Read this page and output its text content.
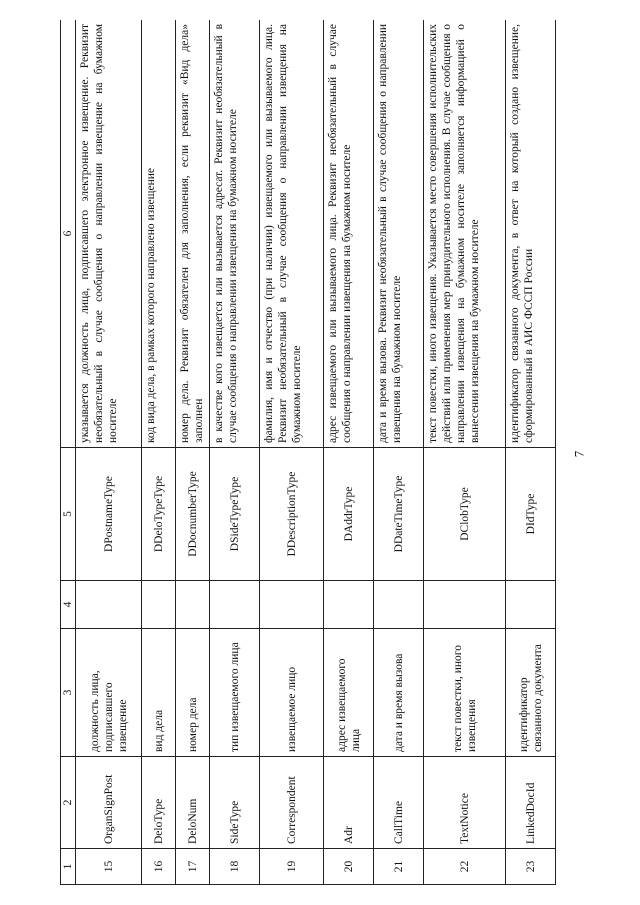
7
1	2	3	4	5	6
15	OrganSignPost	должность лица, подписавшего извещение		DPostnameType	указывается должность лица, подписавшего электронное извещение. Реквизит необязательный в случае сообщения о направлении извещение на бумажном носителе
16	DeloType	вид дела		DDeloTypeType	код вида дела, в рамках которого направлено извещение
17	DeloNum	номер дела		DDocnumberType	номер дела. Реквизит обязателен для заполнения, если реквизит «Вид дела» заполнен
18	SideType	тип извещаемого лица		DSideTypeType	в качестве кого извещается или вызывается адресат. Реквизит необязательный в случае сообщения о направлении извещения на бумажном носителе
19	Correspondent	извещаемое лицо		DDescriptionType	фамилия, имя и отчество (при наличии) извещаемого или вызываемого лица. Реквизит необязательный в случае сообщения о направлении извещения на бумажном носителе
20	Adr	адрес извещаемого лица		DAddrType	адрес извещаемого или вызываемого лица. Реквизит необязательный в случае сообщения о направлении извещения на бумажном носителе
21	CallTime	дата и время вызова		DDateTimeType	дата и время вызова. Реквизит необязательный в случае сообщения о направлении извещения на бумажном носителе
22	TextNotice	текст повестки, иного извещения		DClobType	текст повестки, иного извещения. Указывается место совершения исполнительских действий или применения мер принудительного исполнения. В случае сообщения о направлении извещения на бумажном носителе заполняется информацией о вынесении извещения на бумажном носителе
23	LinkedDocId	идентификатор связанного документа		DIdType	идентификатор связанного документа, в ответ на который создано извещение, сформированный в АИС ФССП России
